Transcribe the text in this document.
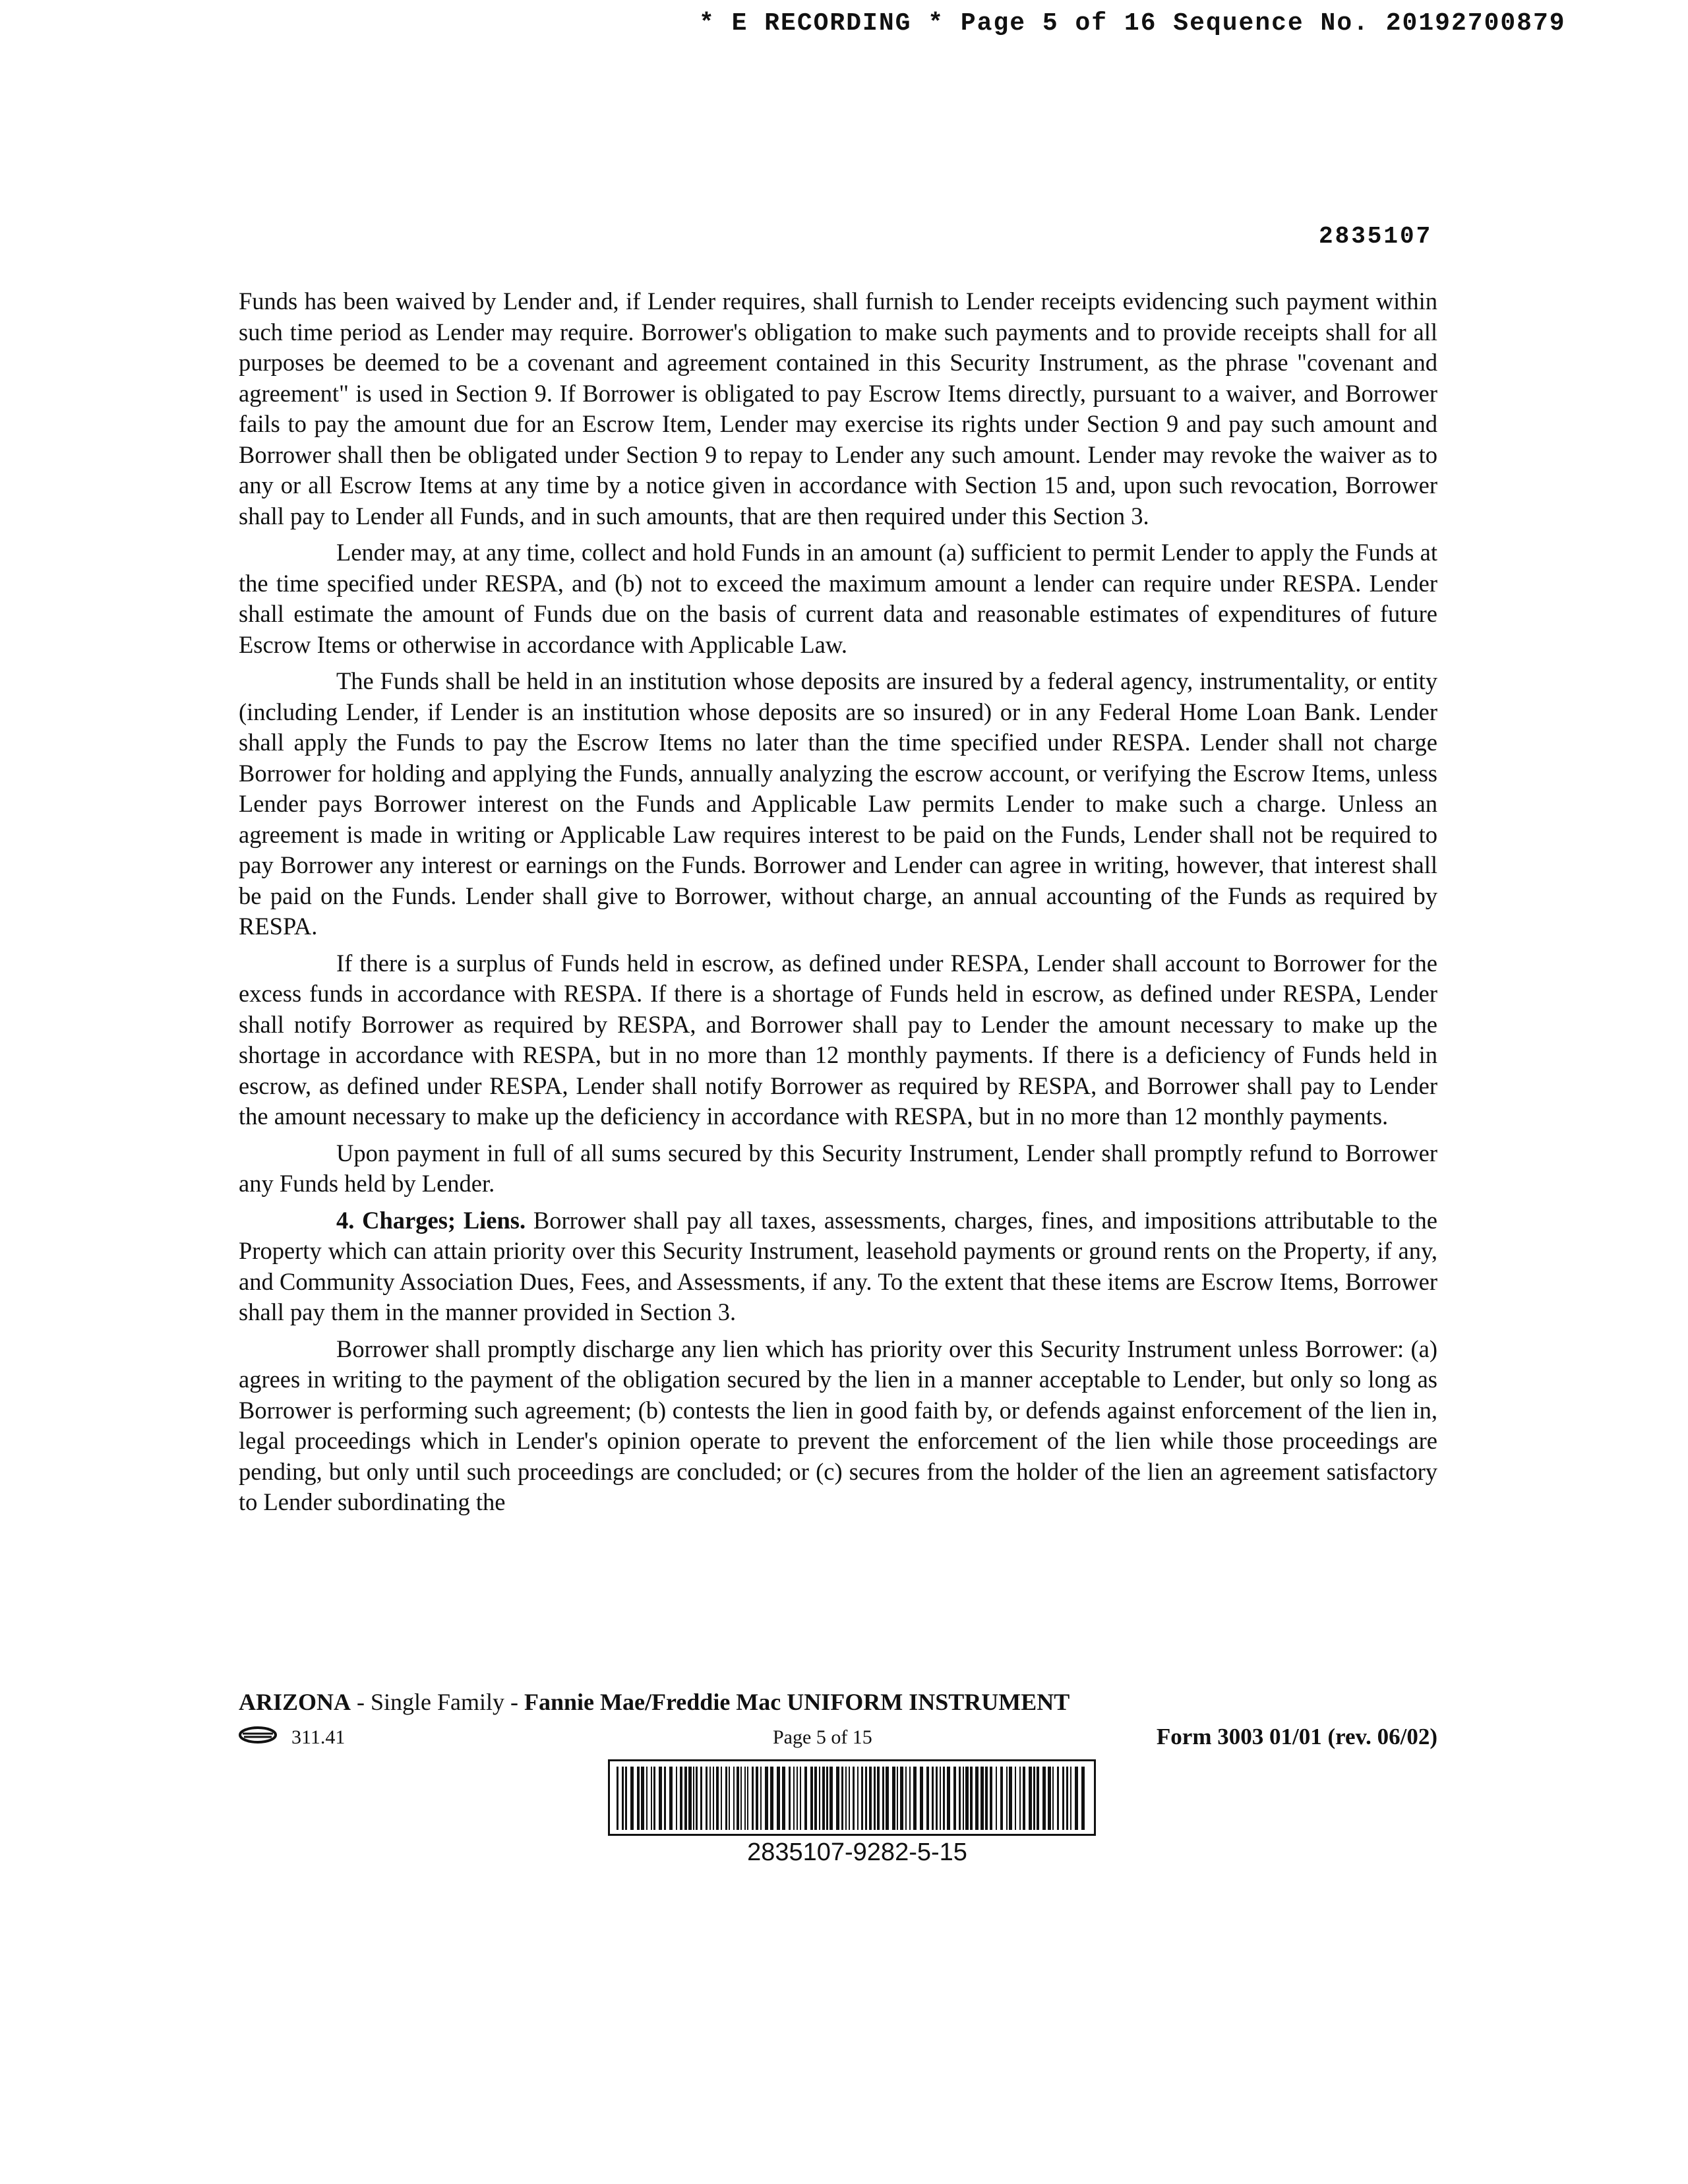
* E RECORDING * Page 5 of 16 Sequence No. 20192700879
2835107

Funds has been waived by Lender and, if Lender requires, shall furnish to Lender receipts evidencing such payment within such time period as Lender may require. Borrower's obligation to make such payments and to provide receipts shall for all purposes be deemed to be a covenant and agreement contained in this Security Instrument, as the phrase "covenant and agreement" is used in Section 9. If Borrower is obligated to pay Escrow Items directly, pursuant to a waiver, and Borrower fails to pay the amount due for an Escrow Item, Lender may exercise its rights under Section 9 and pay such amount and Borrower shall then be obligated under Section 9 to repay to Lender any such amount. Lender may revoke the waiver as to any or all Escrow Items at any time by a notice given in accordance with Section 15 and, upon such revocation, Borrower shall pay to Lender all Funds, and in such amounts, that are then required under this Section 3.

Lender may, at any time, collect and hold Funds in an amount (a) sufficient to permit Lender to apply the Funds at the time specified under RESPA, and (b) not to exceed the maximum amount a lender can require under RESPA. Lender shall estimate the amount of Funds due on the basis of current data and reasonable estimates of expenditures of future Escrow Items or otherwise in accordance with Applicable Law.

The Funds shall be held in an institution whose deposits are insured by a federal agency, instrumentality, or entity (including Lender, if Lender is an institution whose deposits are so insured) or in any Federal Home Loan Bank. Lender shall apply the Funds to pay the Escrow Items no later than the time specified under RESPA. Lender shall not charge Borrower for holding and applying the Funds, annually analyzing the escrow account, or verifying the Escrow Items, unless Lender pays Borrower interest on the Funds and Applicable Law permits Lender to make such a charge. Unless an agreement is made in writing or Applicable Law requires interest to be paid on the Funds, Lender shall not be required to pay Borrower any interest or earnings on the Funds. Borrower and Lender can agree in writing, however, that interest shall be paid on the Funds. Lender shall give to Borrower, without charge, an annual accounting of the Funds as required by RESPA.

If there is a surplus of Funds held in escrow, as defined under RESPA, Lender shall account to Borrower for the excess funds in accordance with RESPA. If there is a shortage of Funds held in escrow, as defined under RESPA, Lender shall notify Borrower as required by RESPA, and Borrower shall pay to Lender the amount necessary to make up the shortage in accordance with RESPA, but in no more than 12 monthly payments. If there is a deficiency of Funds held in escrow, as defined under RESPA, Lender shall notify Borrower as required by RESPA, and Borrower shall pay to Lender the amount necessary to make up the deficiency in accordance with RESPA, but in no more than 12 monthly payments.

Upon payment in full of all sums secured by this Security Instrument, Lender shall promptly refund to Borrower any Funds held by Lender.

4. Charges; Liens. Borrower shall pay all taxes, assessments, charges, fines, and impositions attributable to the Property which can attain priority over this Security Instrument, leasehold payments or ground rents on the Property, if any, and Community Association Dues, Fees, and Assessments, if any. To the extent that these items are Escrow Items, Borrower shall pay them in the manner provided in Section 3.

Borrower shall promptly discharge any lien which has priority over this Security Instrument unless Borrower: (a) agrees in writing to the payment of the obligation secured by the lien in a manner acceptable to Lender, but only so long as Borrower is performing such agreement; (b) contests the lien in good faith by, or defends against enforcement of the lien in, legal proceedings which in Lender's opinion operate to prevent the enforcement of the lien while those proceedings are pending, but only until such proceedings are concluded; or (c) secures from the holder of the lien an agreement satisfactory to Lender subordinating the

ARIZONA - Single Family - Fannie Mae/Freddie Mac UNIFORM INSTRUMENT
311.41	Page 5 of 15	Form 3003 01/01 (rev. 06/02)
2835107-9282-5-15
